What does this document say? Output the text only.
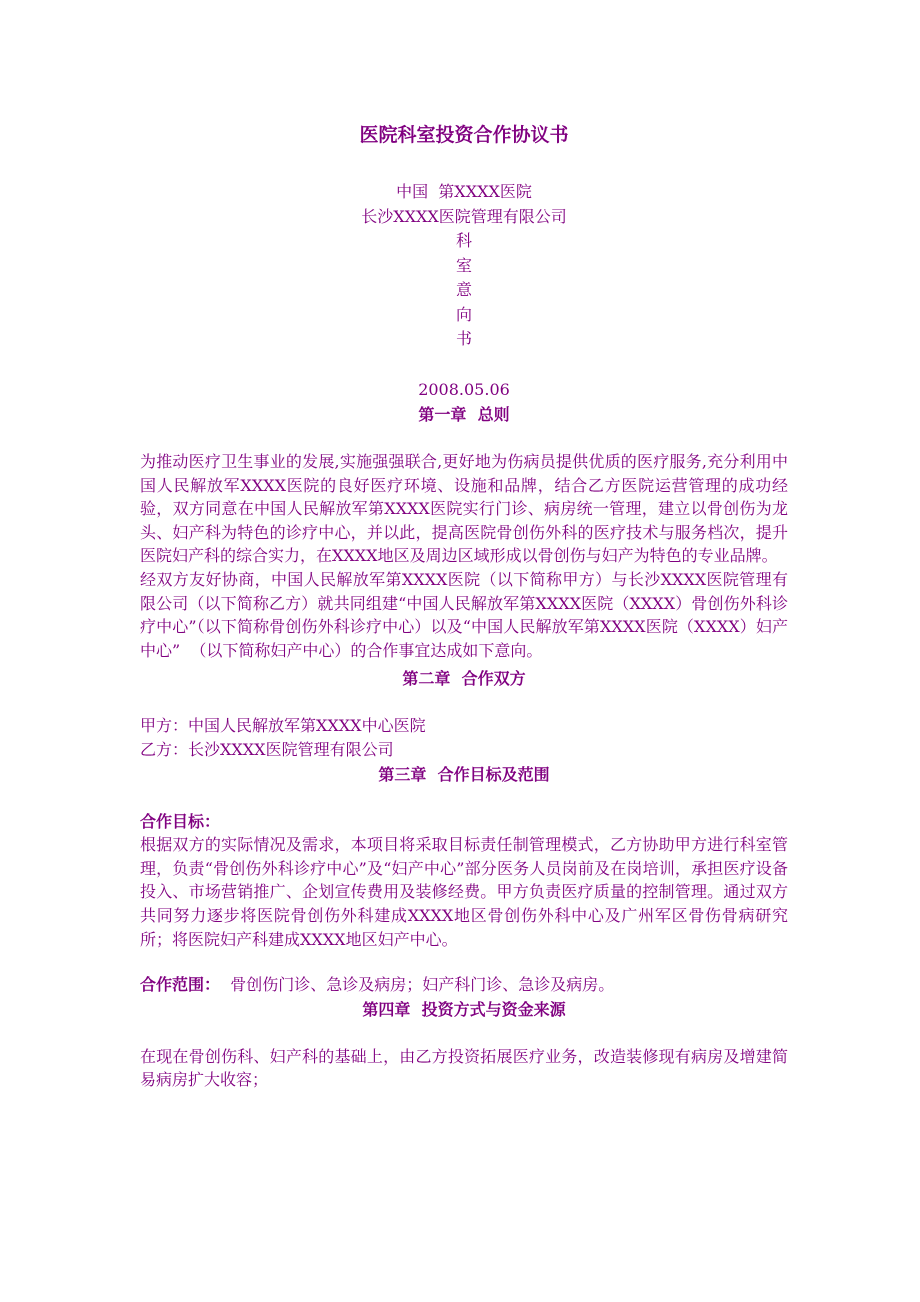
医院科室投资合作协议书
中国  第XXXX医院
长沙XXXX医院管理有限公司
科
室
意
向
书
2008.05.06
第一章  总则

为推动医疗卫生事业的发展,实施强强联合,更好地为伤病员提供优质的医疗服务,充分利用中国人民解放军XXXX医院的良好医疗环境、设施和品牌，结合乙方医院运营管理的成功经验，双方同意在中国人民解放军第XXXX医院实行门诊、病房统一管理，建立以骨创伤为龙头、妇产科为特色的诊疗中心，并以此，提高医院骨创伤外科的医疗技术与服务档次，提升医院妇产科的综合实力，在XXXX地区及周边区域形成以骨创伤与妇产为特色的专业品牌。

经双方友好协商，中国人民解放军第XXXX医院（以下简称甲方）与长沙XXXX医院管理有限公司（以下简称乙方）就共同组建“中国人民解放军第XXXX医院（XXXX）骨创伤外科诊疗中心”（以下简称骨创伤外科诊疗中心）以及“中国人民解放军第XXXX医院（XXXX）妇产中心”  （以下简称妇产中心）的合作事宜达成如下意向。

第二章  合作双方

甲方：中国人民解放军第XXXX中心医院

乙方：长沙XXXX医院管理有限公司

第三章  合作目标及范围

合作目标：

根据双方的实际情况及需求，本项目将采取目标责任制管理模式，乙方协助甲方进行科室管理，负责“骨创伤外科诊疗中心”及“妇产中心”部分医务人员岗前及在岗培训，承担医疗设备投入、市场营销推广、企划宣传费用及装修经费。甲方负责医疗质量的控制管理。通过双方共同努力逐步将医院骨创伤外科建成XXXX地区骨创伤外科中心及广州军区骨伤骨病研究所；将医院妇产科建成XXXX地区妇产中心。

合作范围：  骨创伤门诊、急诊及病房；妇产科门诊、急诊及病房。

第四章  投资方式与资金来源

在现在骨创伤科、妇产科的基础上，由乙方投资拓展医疗业务，改造装修现有病房及增建简易病房扩大收容；
